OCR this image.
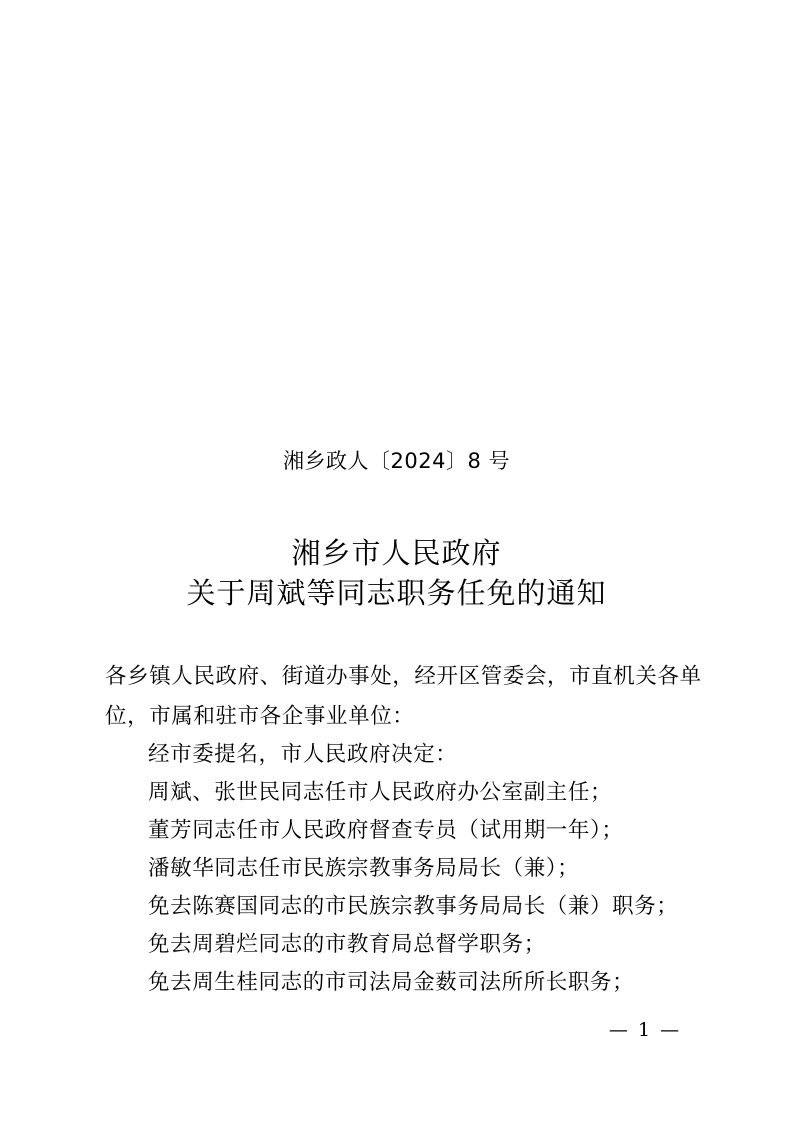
湘乡政人〔2024〕8 号
湘乡市人民政府
关于周斌等同志职务任免的通知
各乡镇人民政府、街道办事处，经开区管委会，市直机关各单
位，市属和驻市各企事业单位：
经市委提名，市人民政府决定：
周斌、张世民同志任市人民政府办公室副主任；
董芳同志任市人民政府督查专员（试用期一年）；
潘敏华同志任市民族宗教事务局局长（兼）；
免去陈赛国同志的市民族宗教事务局局长（兼）职务；
免去周碧烂同志的市教育局总督学职务；
免去周生桂同志的市司法局金薮司法所所长职务；
— 1 —
